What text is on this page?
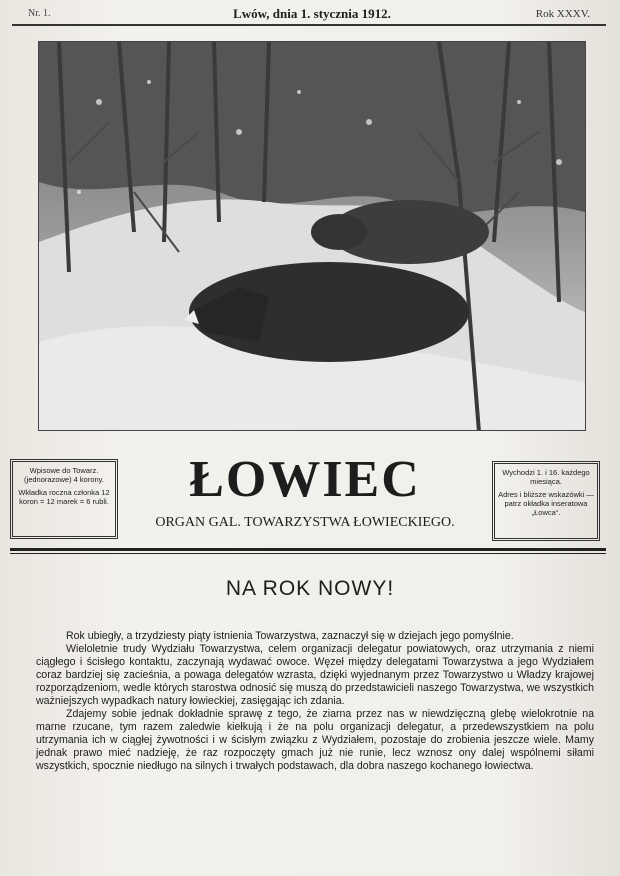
Nr. 1.	Lwów, dnia 1. stycznia 1912.	Rok XXXV.

Wpisowe do Towarz. (jednorazowe) 4 korony.

Wkładka roczna członka 12 koron = 12 marek = 6 rubli.	ŁOWIEC
ORGAN GAL. TOWARZYSTWA ŁOWIECKIEGO.

Wychodzi 1. i 16. każdego miesiąca.

Adres i bliższe wskazówki — patrz okładka inseratowa „Łowca“.

NA ROK NOWY!

Rok ubiegły, a trzydziesty piąty istnienia Towarzystwa, zaznaczył się w dziejach jego pomyślnie.

Wieloletnie trudy Wydziału Towarzystwa, celem organizacji delegatur powiatowych, oraz utrzymania z niemi ciągłego i ścisłego kontaktu, zaczynają wydawać owoce. Węzeł między delegatami Towarzystwa a jego Wydziałem coraz bardziej się zacieśnia, a powaga delegatów wzrasta, dzięki wyjednanym przez Towarzystwo u Władzy krajowej rozporządzeniom, wedle których starostwa odnosić się muszą do przedstawicieli naszego Towarzystwa, we wszystkich ważniejszych wypadkach natury łowieckiej, zasięgając ich zdania.

Zdajemy sobie jednak dokładnie sprawę z tego, że ziarna przez nas w niewdzięczną glebę wielokrotnie na marne rzucane, tym razem zaledwie kiełkują i że na polu organizacji delegatur, a przedewszystkiem na polu utrzymania ich w ciągłej żywotności i w ścisłym związku z Wydziałem, pozostaje do zrobienia jeszcze wiele. Mamy jednak prawo mieć nadzieję, że raz rozpoczęty gmach już nie runie, lecz wznosz ony dalej wspólnemi siłami wszystkich, spocznie niedługo na silnych i trwałych podstawach, dla dobra naszego kochanego łowiectwa.
